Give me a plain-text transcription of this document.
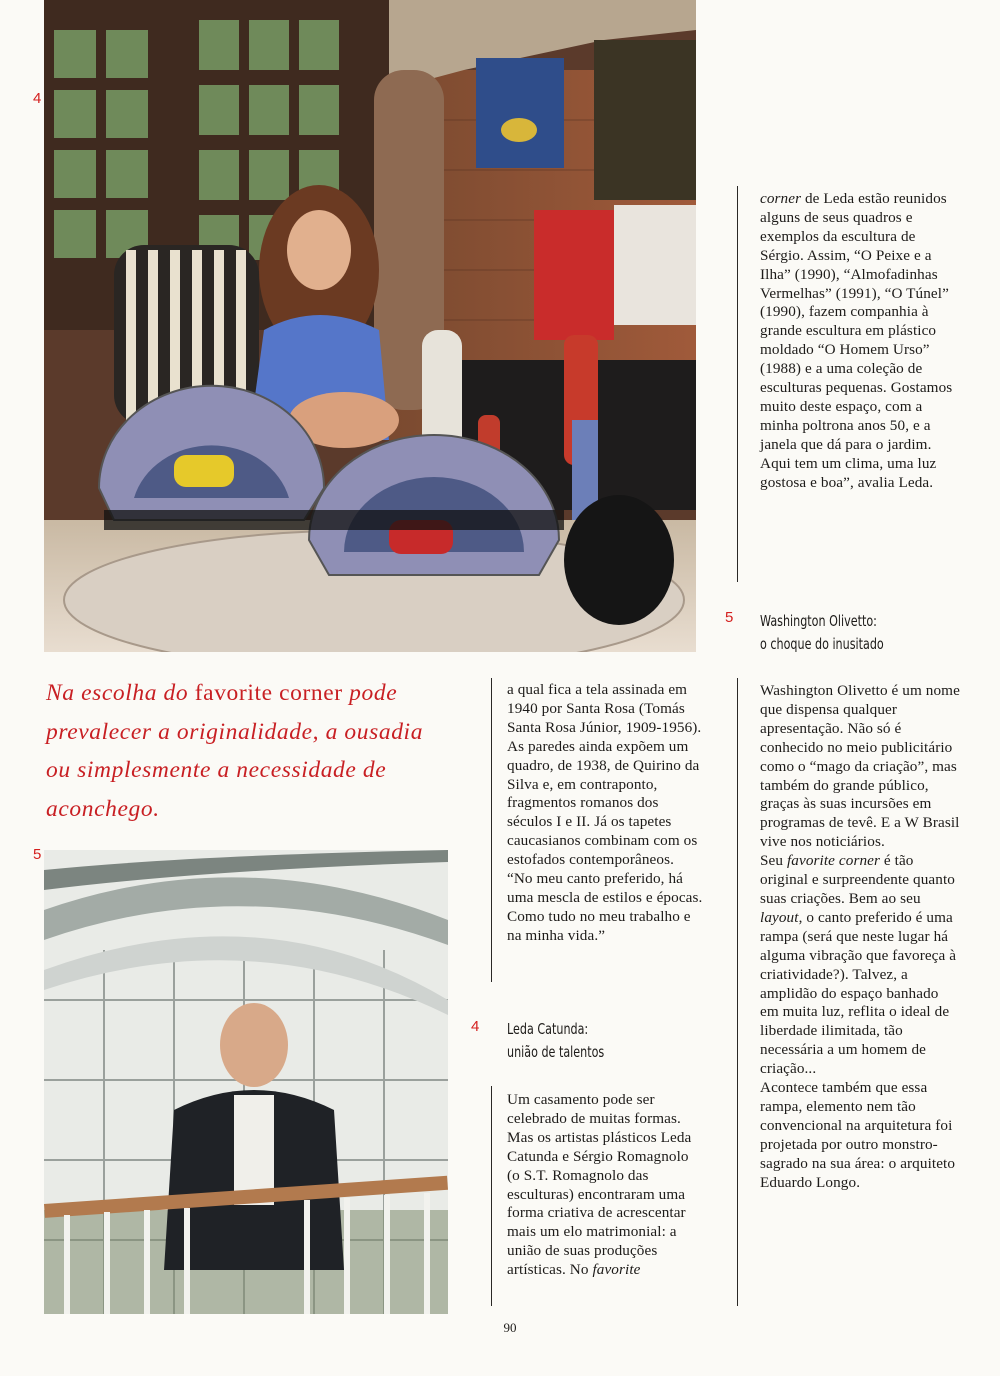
4
Na escolha do favorite corner pode prevalecer a originalidade, a ousadia ou simplesmente a necessidade de aconchego.
5

a qual fica a tela assinada em 1940 por Santa Rosa (Tomás Santa Rosa Júnior, 1909-1956). As paredes ainda expõem um quadro, de 1938, de Quirino da Silva e, em contraponto, fragmentos romanos dos séculos I e II. Já os tapetes caucasianos combinam com os estofados contemporâneos. “No meu canto preferido, há uma mescla de estilos e épocas. Como tudo no meu trabalho e na minha vida.”

4 Leda Catunda:
união de talentos

Um casamento pode ser celebrado de muitas formas. Mas os artistas plásticos Leda Catunda e Sérgio Romagnolo (o S.T. Romagnolo das esculturas) encontraram uma forma criativa de acrescentar mais um elo matrimonial: a união de suas produções artísticas. No favorite

corner de Leda estão reunidos alguns de seus quadros e exemplos da escultura de Sérgio. Assim, “O Peixe e a Ilha” (1990), “Almofadinhas Vermelhas” (1991), “O Túnel” (1990), fazem companhia à grande escultura em plástico moldado “O Homem Urso” (1988) e a uma coleção de esculturas pequenas. Gostamos muito deste espaço, com a minha poltrona anos 50, e a janela que dá para o jardim. Aqui tem um clima, uma luz gostosa e boa”, avalia Leda.

5 Washington Olivetto:
o choque do inusitado

Washington Olivetto é um nome que dispensa qualquer apresentação. Não só é conhecido no meio publicitário como o “mago da criação”, mas também do grande público, graças às suas incursões em programas de tevê. E a W Brasil vive nos noticiários.

Seu favorite corner é tão original e surpreendente quanto suas criações. Bem ao seu layout, o canto preferido é uma rampa (será que neste lugar há alguma vibração que favoreça à criatividade?). Talvez, a amplidão do espaço banhado em muita luz, reflita o ideal de liberdade ilimitada, tão necessária a um homem de criação...

Acontece também que essa rampa, elemento nem tão convencional na arquitetura foi projetada por outro monstro-sagrado na sua área: o arquiteto Eduardo Longo.

90
